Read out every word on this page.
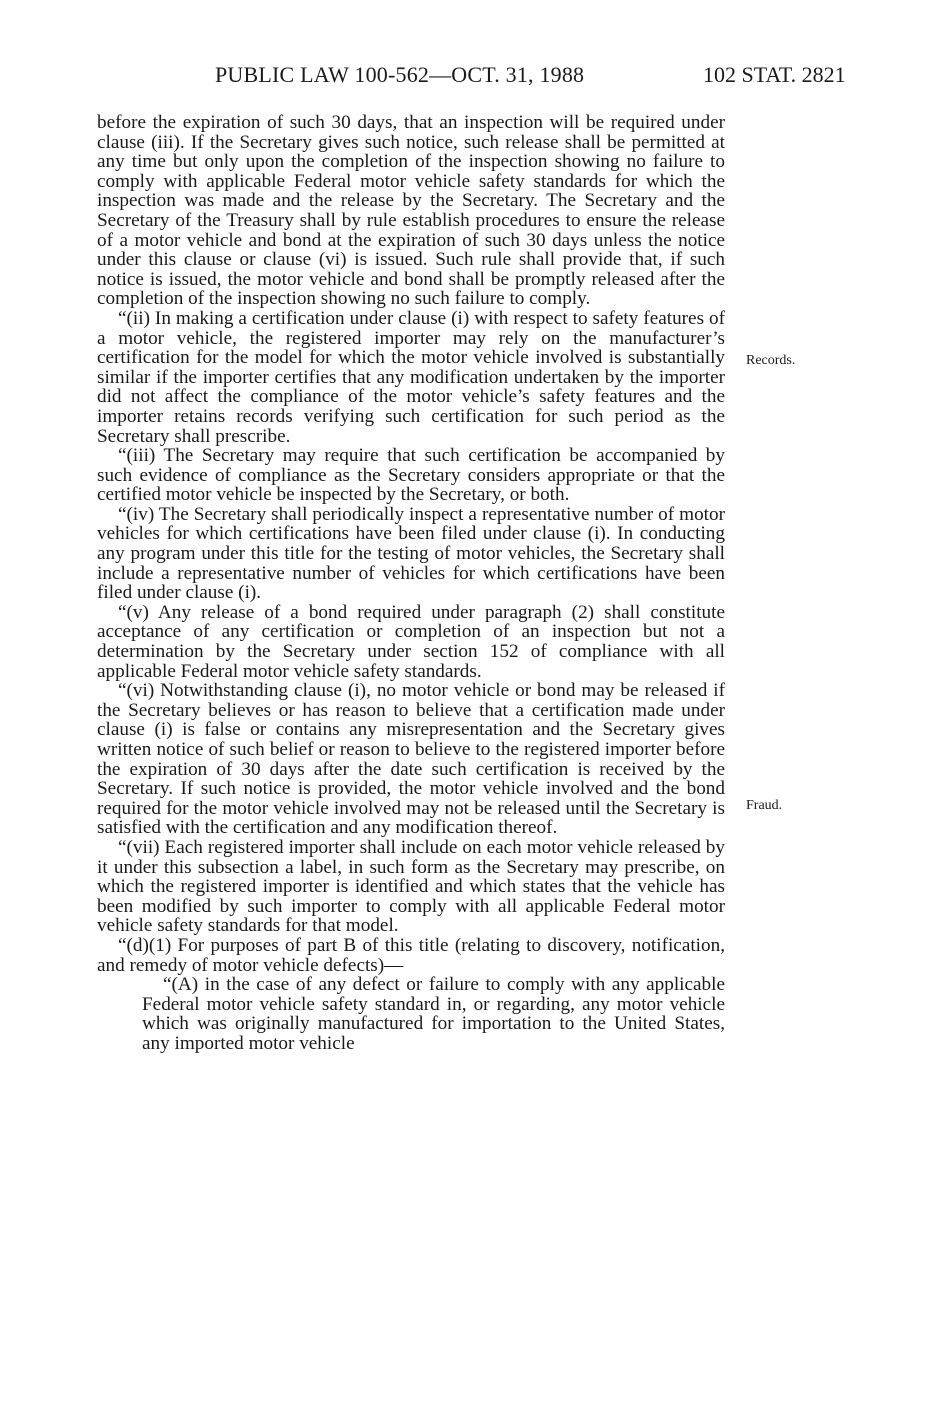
PUBLIC LAW 100-562—OCT. 31, 1988	102 STAT. 2821

before the expiration of such 30 days, that an inspection will be required under clause (iii). If the Secretary gives such notice, such release shall be permitted at any time but only upon the completion of the inspection showing no failure to comply with applicable Federal motor vehicle safety standards for which the inspection was made and the release by the Secretary. The Secretary and the Secretary of the Treasury shall by rule establish procedures to ensure the release of a motor vehicle and bond at the expiration of such 30 days unless the notice under this clause or clause (vi) is issued. Such rule shall provide that, if such notice is issued, the motor vehicle and bond shall be promptly released after the completion of the inspection showing no such failure to comply.

“(ii) In making a certification under clause (i) with respect to safety features of a motor vehicle, the registered importer may rely on the manufacturer’s certification for the model for which the motor vehicle involved is substantially similar if the importer certifies that any modification undertaken by the importer did not affect the compliance of the motor vehicle’s safety features and the importer retains records verifying such certification for such period as the Secretary shall prescribe.

“(iii) The Secretary may require that such certification be accompanied by such evidence of compliance as the Secretary considers appropriate or that the certified motor vehicle be inspected by the Secretary, or both.

“(iv) The Secretary shall periodically inspect a representative number of motor vehicles for which certifications have been filed under clause (i). In conducting any program under this title for the testing of motor vehicles, the Secretary shall include a representative number of vehicles for which certifications have been filed under clause (i).

“(v) Any release of a bond required under paragraph (2) shall constitute acceptance of any certification or completion of an inspection but not a determination by the Secretary under section 152 of compliance with all applicable Federal motor vehicle safety standards.

“(vi) Notwithstanding clause (i), no motor vehicle or bond may be released if the Secretary believes or has reason to believe that a certification made under clause (i) is false or contains any misrepresentation and the Secretary gives written notice of such belief or reason to believe to the registered importer before the expiration of 30 days after the date such certification is received by the Secretary. If such notice is provided, the motor vehicle involved and the bond required for the motor vehicle involved may not be released until the Secretary is satisfied with the certification and any modification thereof.

“(vii) Each registered importer shall include on each motor vehicle released by it under this subsection a label, in such form as the Secretary may prescribe, on which the registered importer is identified and which states that the vehicle has been modified by such importer to comply with all applicable Federal motor vehicle safety standards for that model.

“(d)(1) For purposes of part B of this title (relating to discovery, notification, and remedy of motor vehicle defects)—

“(A) in the case of any defect or failure to comply with any applicable Federal motor vehicle safety standard in, or regarding, any motor vehicle which was originally manufactured for importation to the United States, any imported motor vehicle

Records.
Fraud.
